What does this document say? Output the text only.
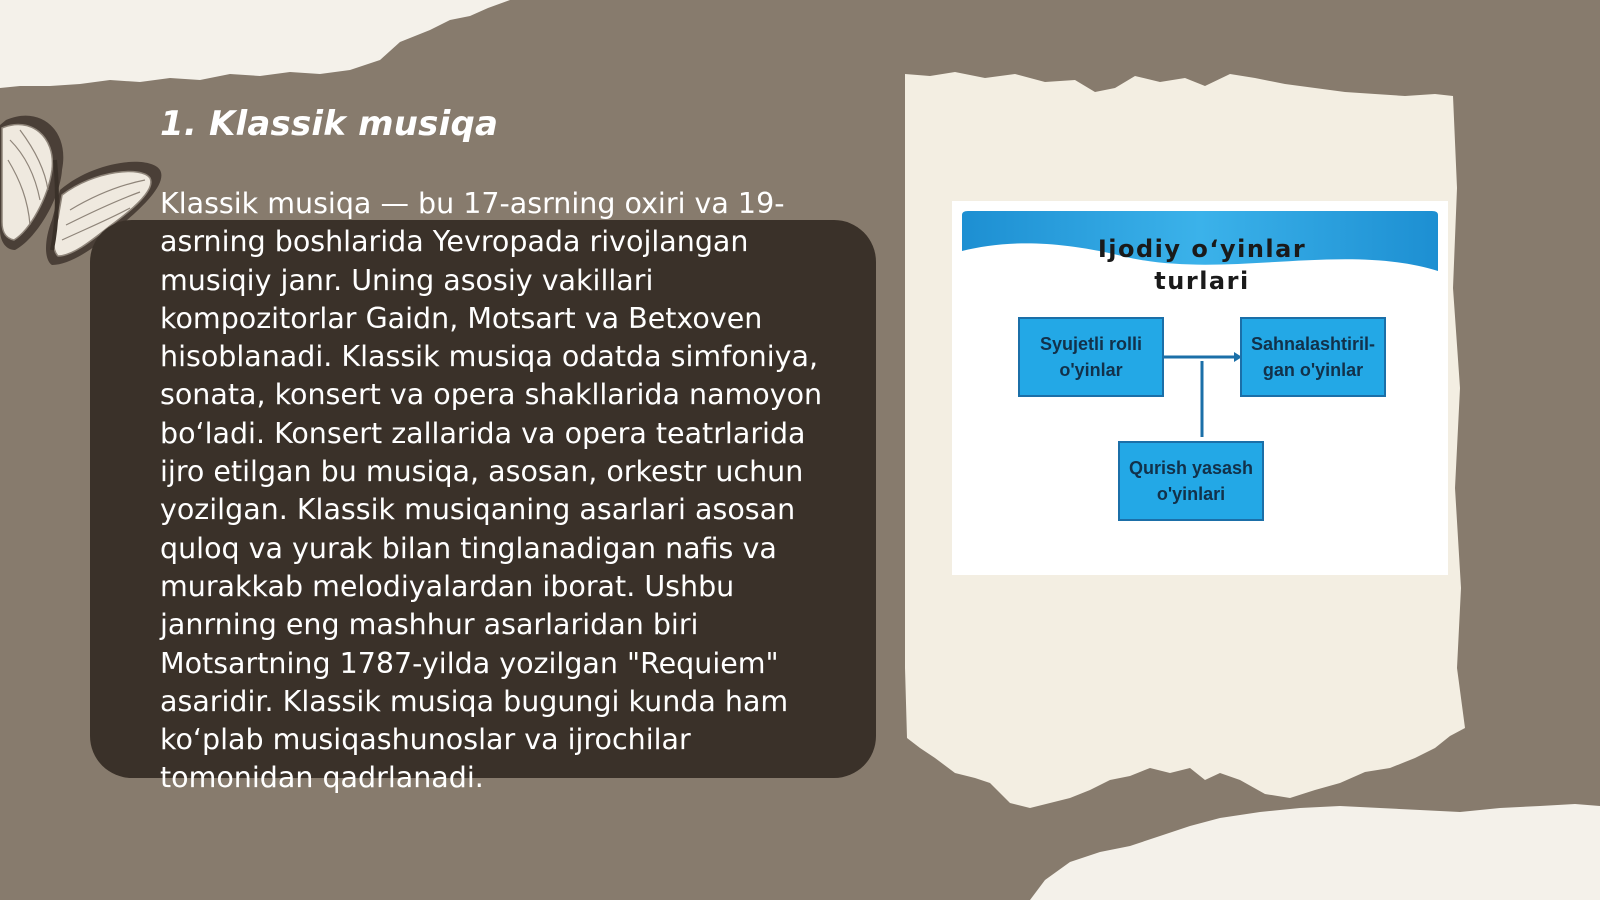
1. Klassik musiqa

Klassik musiqa — bu 17-asrning oxiri va 19-asrning boshlarida Yevropada rivojlangan musiqiy janr. Uning asosiy vakillari kompozitorlar Gaidn, Motsart va Betxoven hisoblanadi. Klassik musiqa odatda simfoniya, sonata, konsert va opera shakllarida namoyon bo‘ladi. Konsert zallarida va opera teatrlarida ijro etilgan bu musiqa, asosan, orkestr uchun yozilgan. Klassik musiqaning asarlari asosan quloq va yurak bilan tinglanadigan nafis va murakkab melodiyalardan iborat. Ushbu janrning eng mashhur asarlaridan biri Motsartning 1787-yilda yozilgan "Requiem" asaridir. Klassik musiqa bugungi kunda ham ko‘plab musiqashunoslar va ijrochilar tomonidan qadrlanadi.

Ijodiy o‘yinlar turlari

Syujetli rolli o'yinlar
Sahnalashtiril-gan o'yinlar
Qurish yasash o'yinlari
